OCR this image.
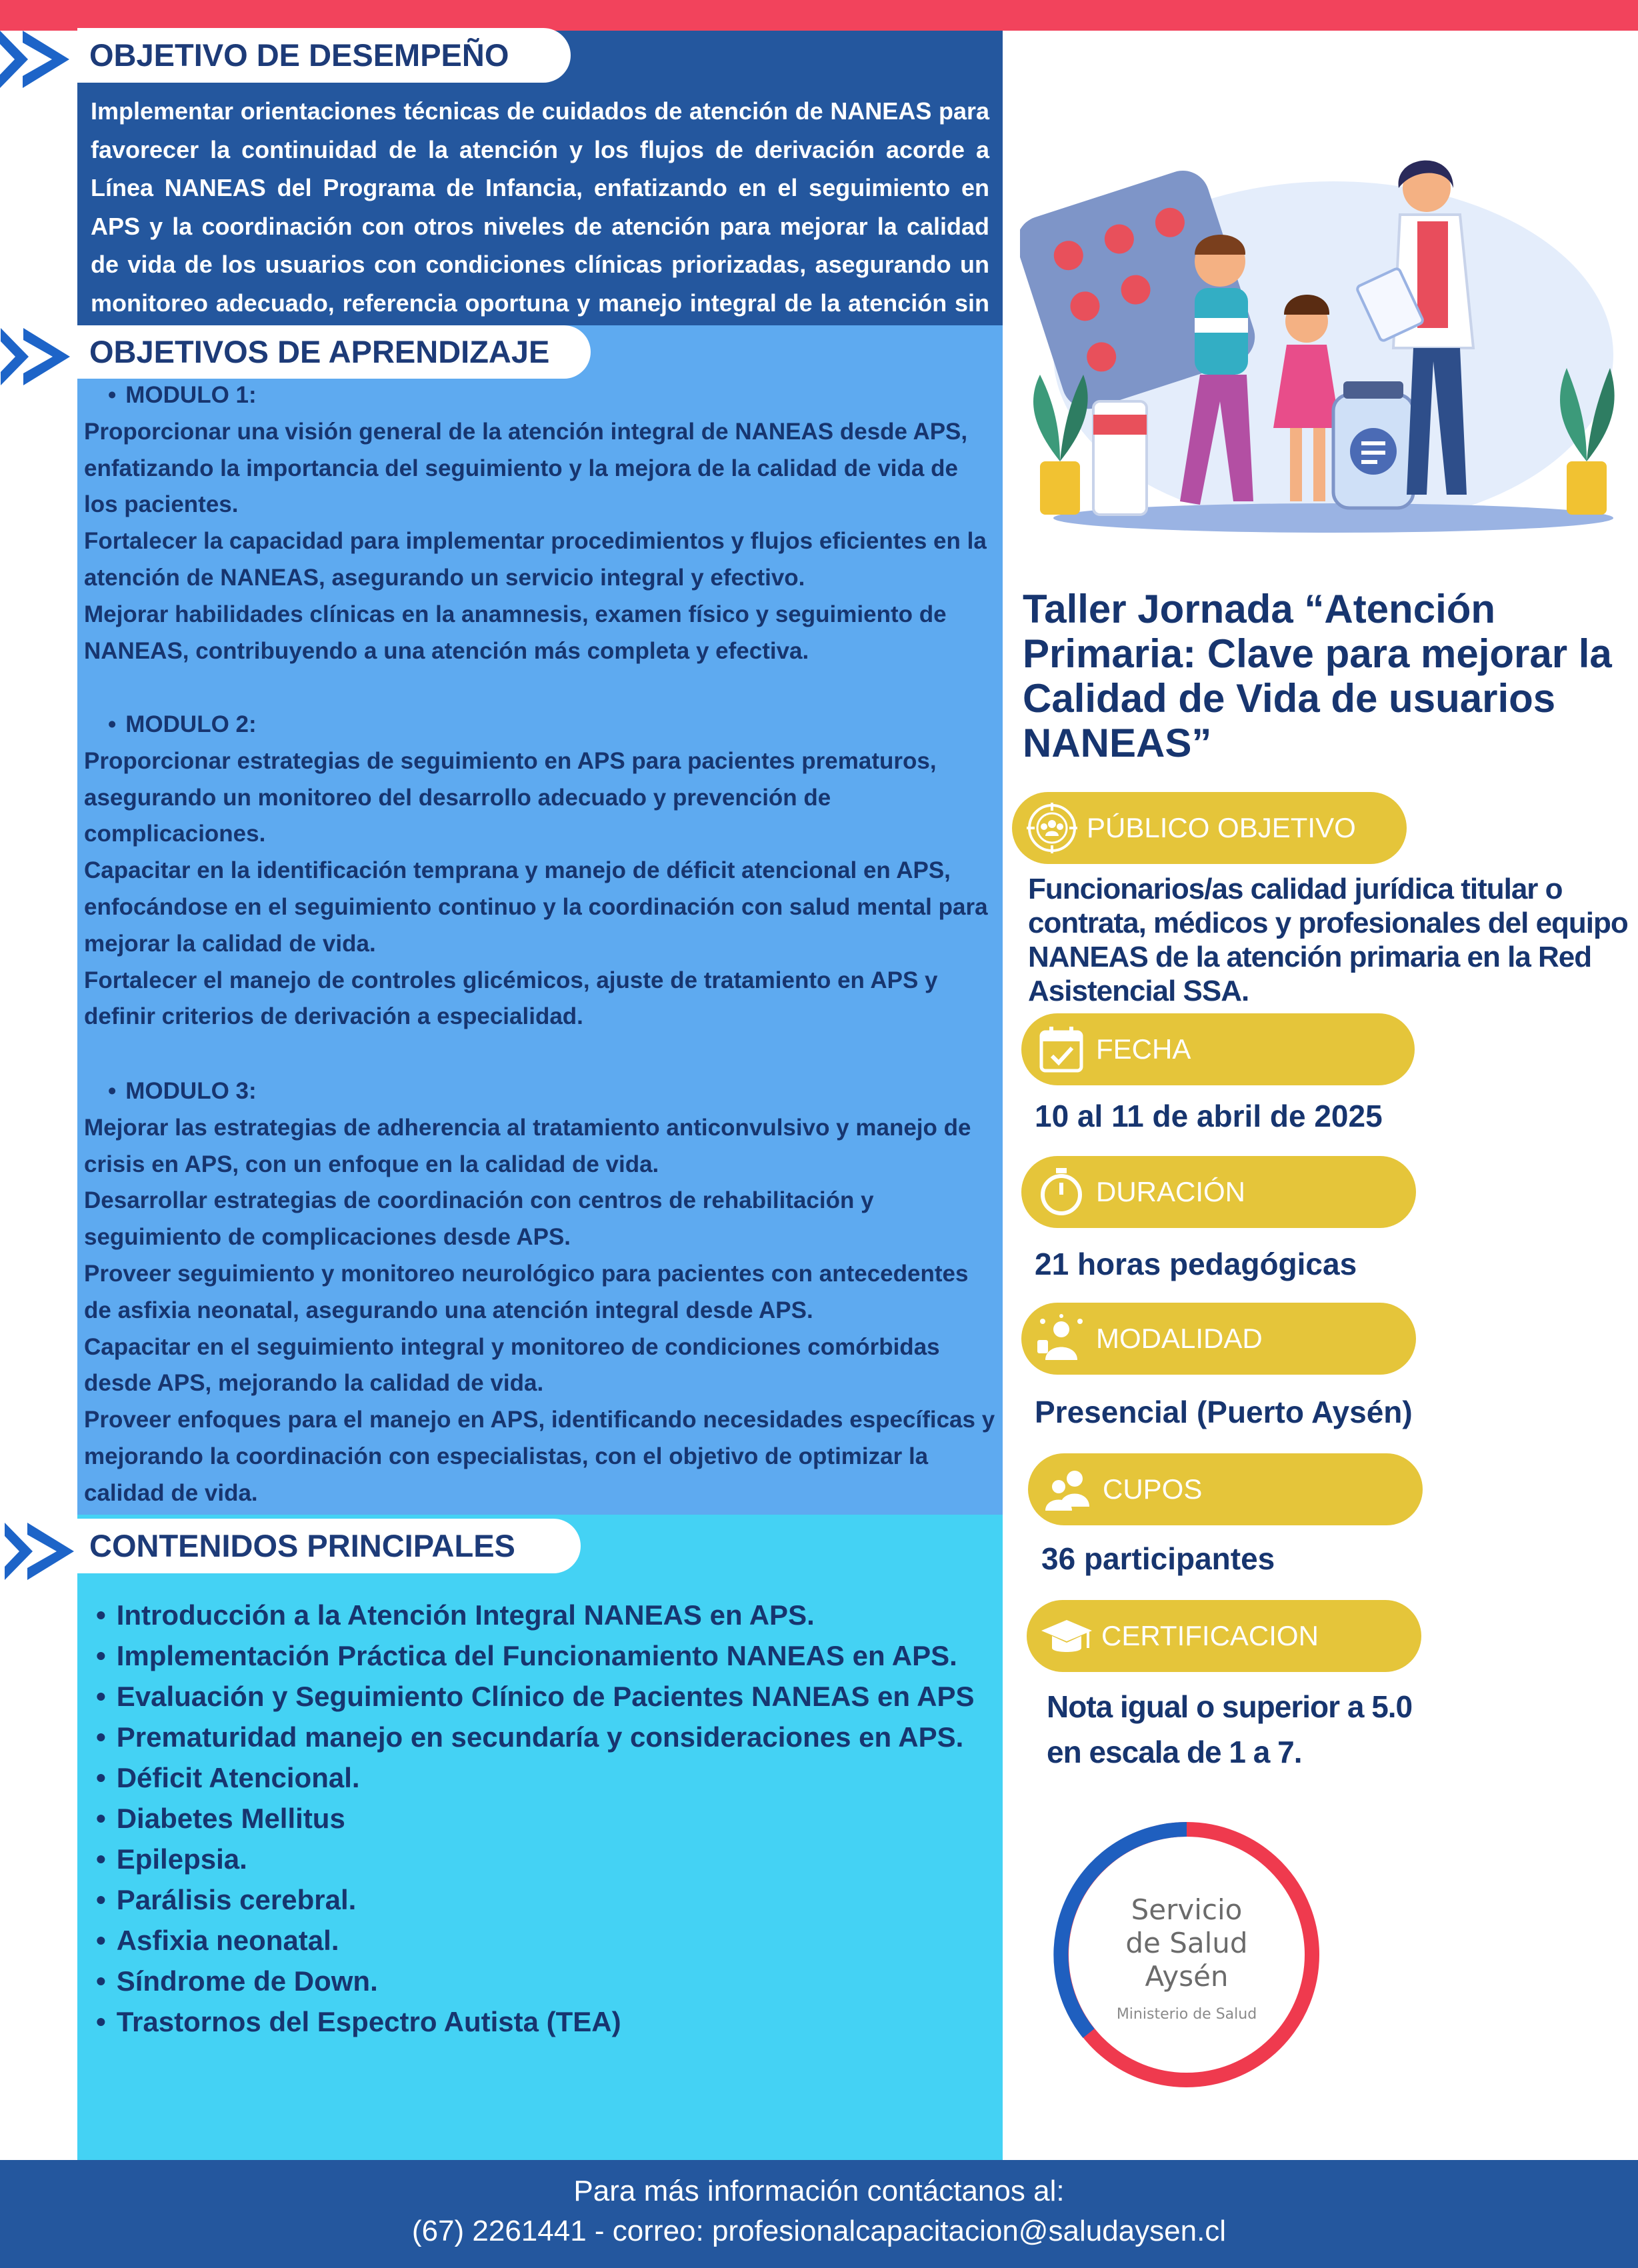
Implementar orientaciones técnicas de cuidados de atención de NANEAS para favorecer la continuidad de la atención y los flujos de derivación acorde a Línea NANEAS del Programa de Infancia, enfatizando en el seguimiento en APS y la coordinación con otros niveles de atención para mejorar la calidad de vida de los usuarios con condiciones clínicas priorizadas, asegurando un monitoreo adecuado, referencia oportuna y manejo integral de la atención sin
OBJETIVO DE DESEMPEÑO
• MODULO 1:
Proporcionar una visión general de la atención integral de NANEAS desde APS, enfatizando la importancia del seguimiento y la mejora de la calidad de vida de los pacientes.
Fortalecer la capacidad para implementar procedimientos y flujos eficientes en la atención de NANEAS, asegurando un servicio integral y efectivo.
Mejorar habilidades clínicas en la anamnesis, examen físico y seguimiento de NANEAS, contribuyendo a una atención más completa y efectiva.
• MODULO 2:
Proporcionar estrategias de seguimiento en APS para pacientes prematuros, asegurando un monitoreo del desarrollo adecuado y prevención de complicaciones.
Capacitar en la identificación temprana y manejo de déficit atencional en APS, enfocándose en el seguimiento continuo y la coordinación con salud mental para mejorar la calidad de vida.
Fortalecer el manejo de controles glicémicos, ajuste de tratamiento en APS y definir criterios de derivación a especialidad.
• MODULO 3:
Mejorar las estrategias de adherencia al tratamiento anticonvulsivo y manejo de crisis en APS, con un enfoque en la calidad de vida.
Desarrollar estrategias de coordinación con centros de rehabilitación y seguimiento de complicaciones desde APS.
Proveer seguimiento y monitoreo neurológico para pacientes con antecedentes de asfixia neonatal, asegurando una atención integral desde APS.
Capacitar en el seguimiento integral y monitoreo de condiciones comórbidas desde APS, mejorando la calidad de vida.
Proveer enfoques para el manejo en APS, identificando necesidades específicas y mejorando la coordinación con especialistas, con el objetivo de optimizar la calidad de vida.
OBJETIVOS DE APRENDIZAJE
• Introducción a la Atención Integral NANEAS en APS.
• Implementación Práctica del Funcionamiento NANEAS en APS.
• Evaluación y Seguimiento Clínico de Pacientes NANEAS en APS
• Prematuridad manejo en secundaría y consideraciones en APS.
• Déficit Atencional.
• Diabetes Mellitus
• Epilepsia.
• Parálisis cerebral.
• Asfixia neonatal.
• Síndrome de Down.
• Trastornos del Espectro Autista (TEA)
CONTENIDOS PRINCIPALES
Taller Jornada “Atención Primaria: Clave para mejorar la Calidad de Vida de usuarios NANEAS”
PÚBLICO OBJETIVO
Funcionarios/as calidad jurídica titular o contrata, médicos y profesionales del equipo NANEAS de la atención primaria en la Red Asistencial SSA.
FECHA
10 al 11 de abril de 2025
DURACIÓN
21 horas pedagógicas
MODALIDAD
Presencial (Puerto Aysén)
CUPOS
36 participantes
CERTIFICACION
Nota igual o superior a 5.0
en escala de 1 a 7.
Servicio
de Salud
Aysén
Ministerio de Salud
Para más información contáctanos al:
(67) 2261441 - correo: profesionalcapacitacion@saludaysen.cl
